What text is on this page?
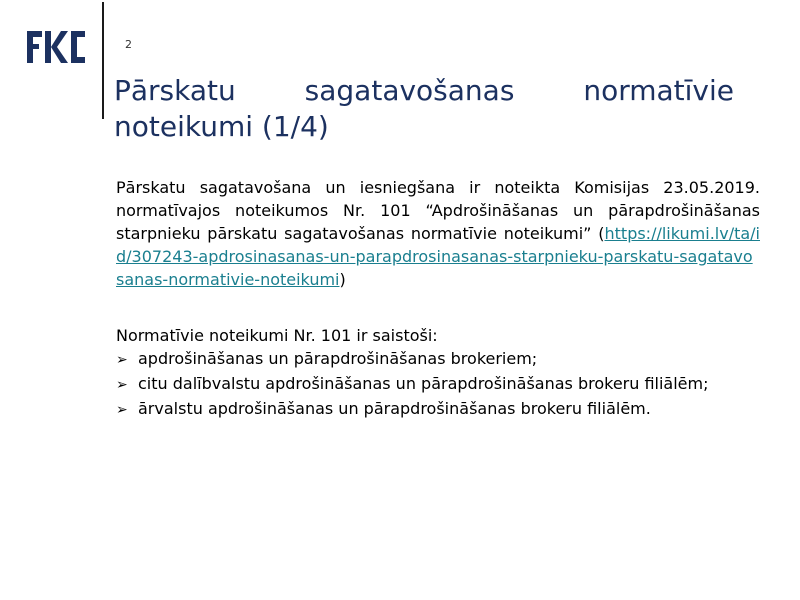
2
Pārskatu sagatavošanas normatīvie
noteikumi (1/4)
Pārskatu sagatavošana un iesniegšana ir noteikta Komisijas 23.05.2019. normatīvajos noteikumos Nr. 101 “Apdrošināšanas un pārapdrošināšanas starpnieku pārskatu sagatavošanas normatīvie noteikumi” (https://likumi.lv/ta/id/307243-apdrosinasanas-un-parapdrosinasanas-starpnieku-parskatu-sagatavosanas-normativie-noteikumi)
Normatīvie noteikumi Nr. 101 ir saistoši:
➢ apdrošināšanas un pārapdrošināšanas brokeriem;
➢ citu dalībvalstu apdrošināšanas un pārapdrošināšanas brokeru filiālēm;
➢ ārvalstu apdrošināšanas un pārapdrošināšanas brokeru filiālēm.
